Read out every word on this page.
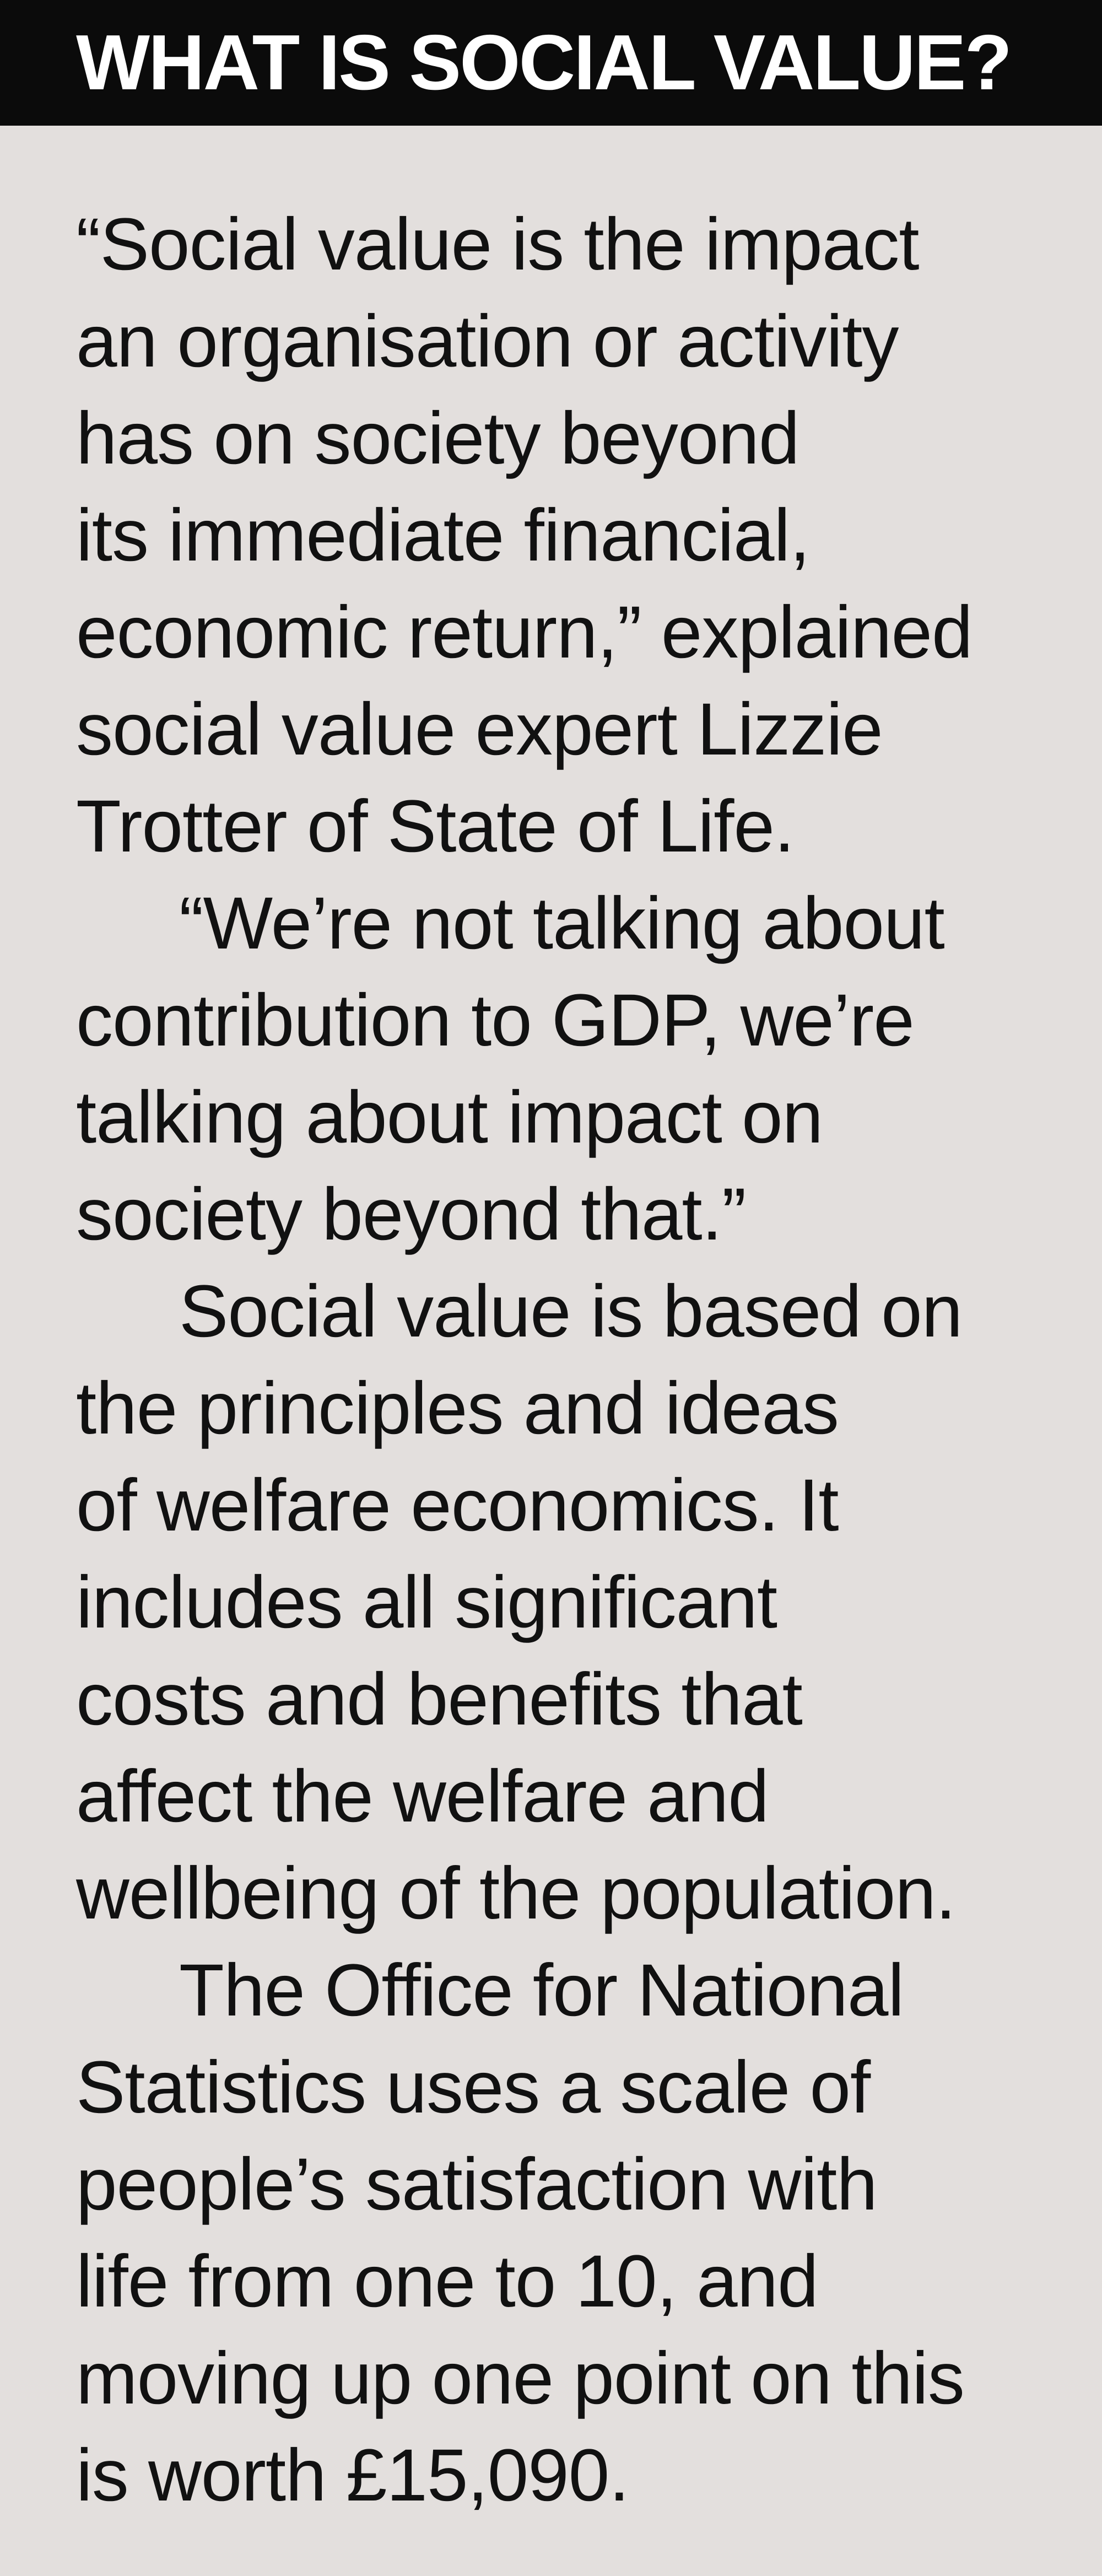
WHAT IS SOCIAL VALUE?
“Social value is the impact
an organisation or activity
has on society beyond
its immediate financial,
economic return,” explained
social value expert Lizzie
Trotter of State of Life.
“We’re not talking about
contribution to GDP, we’re
talking about impact on
society beyond that.”
Social value is based on
the principles and ideas
of welfare economics. It
includes all significant
costs and benefits that
affect the welfare and
wellbeing of the population.
The Office for National
Statistics uses a scale of
people’s satisfaction with
life from one to 10, and
moving up one point on this
is worth £15,090.
